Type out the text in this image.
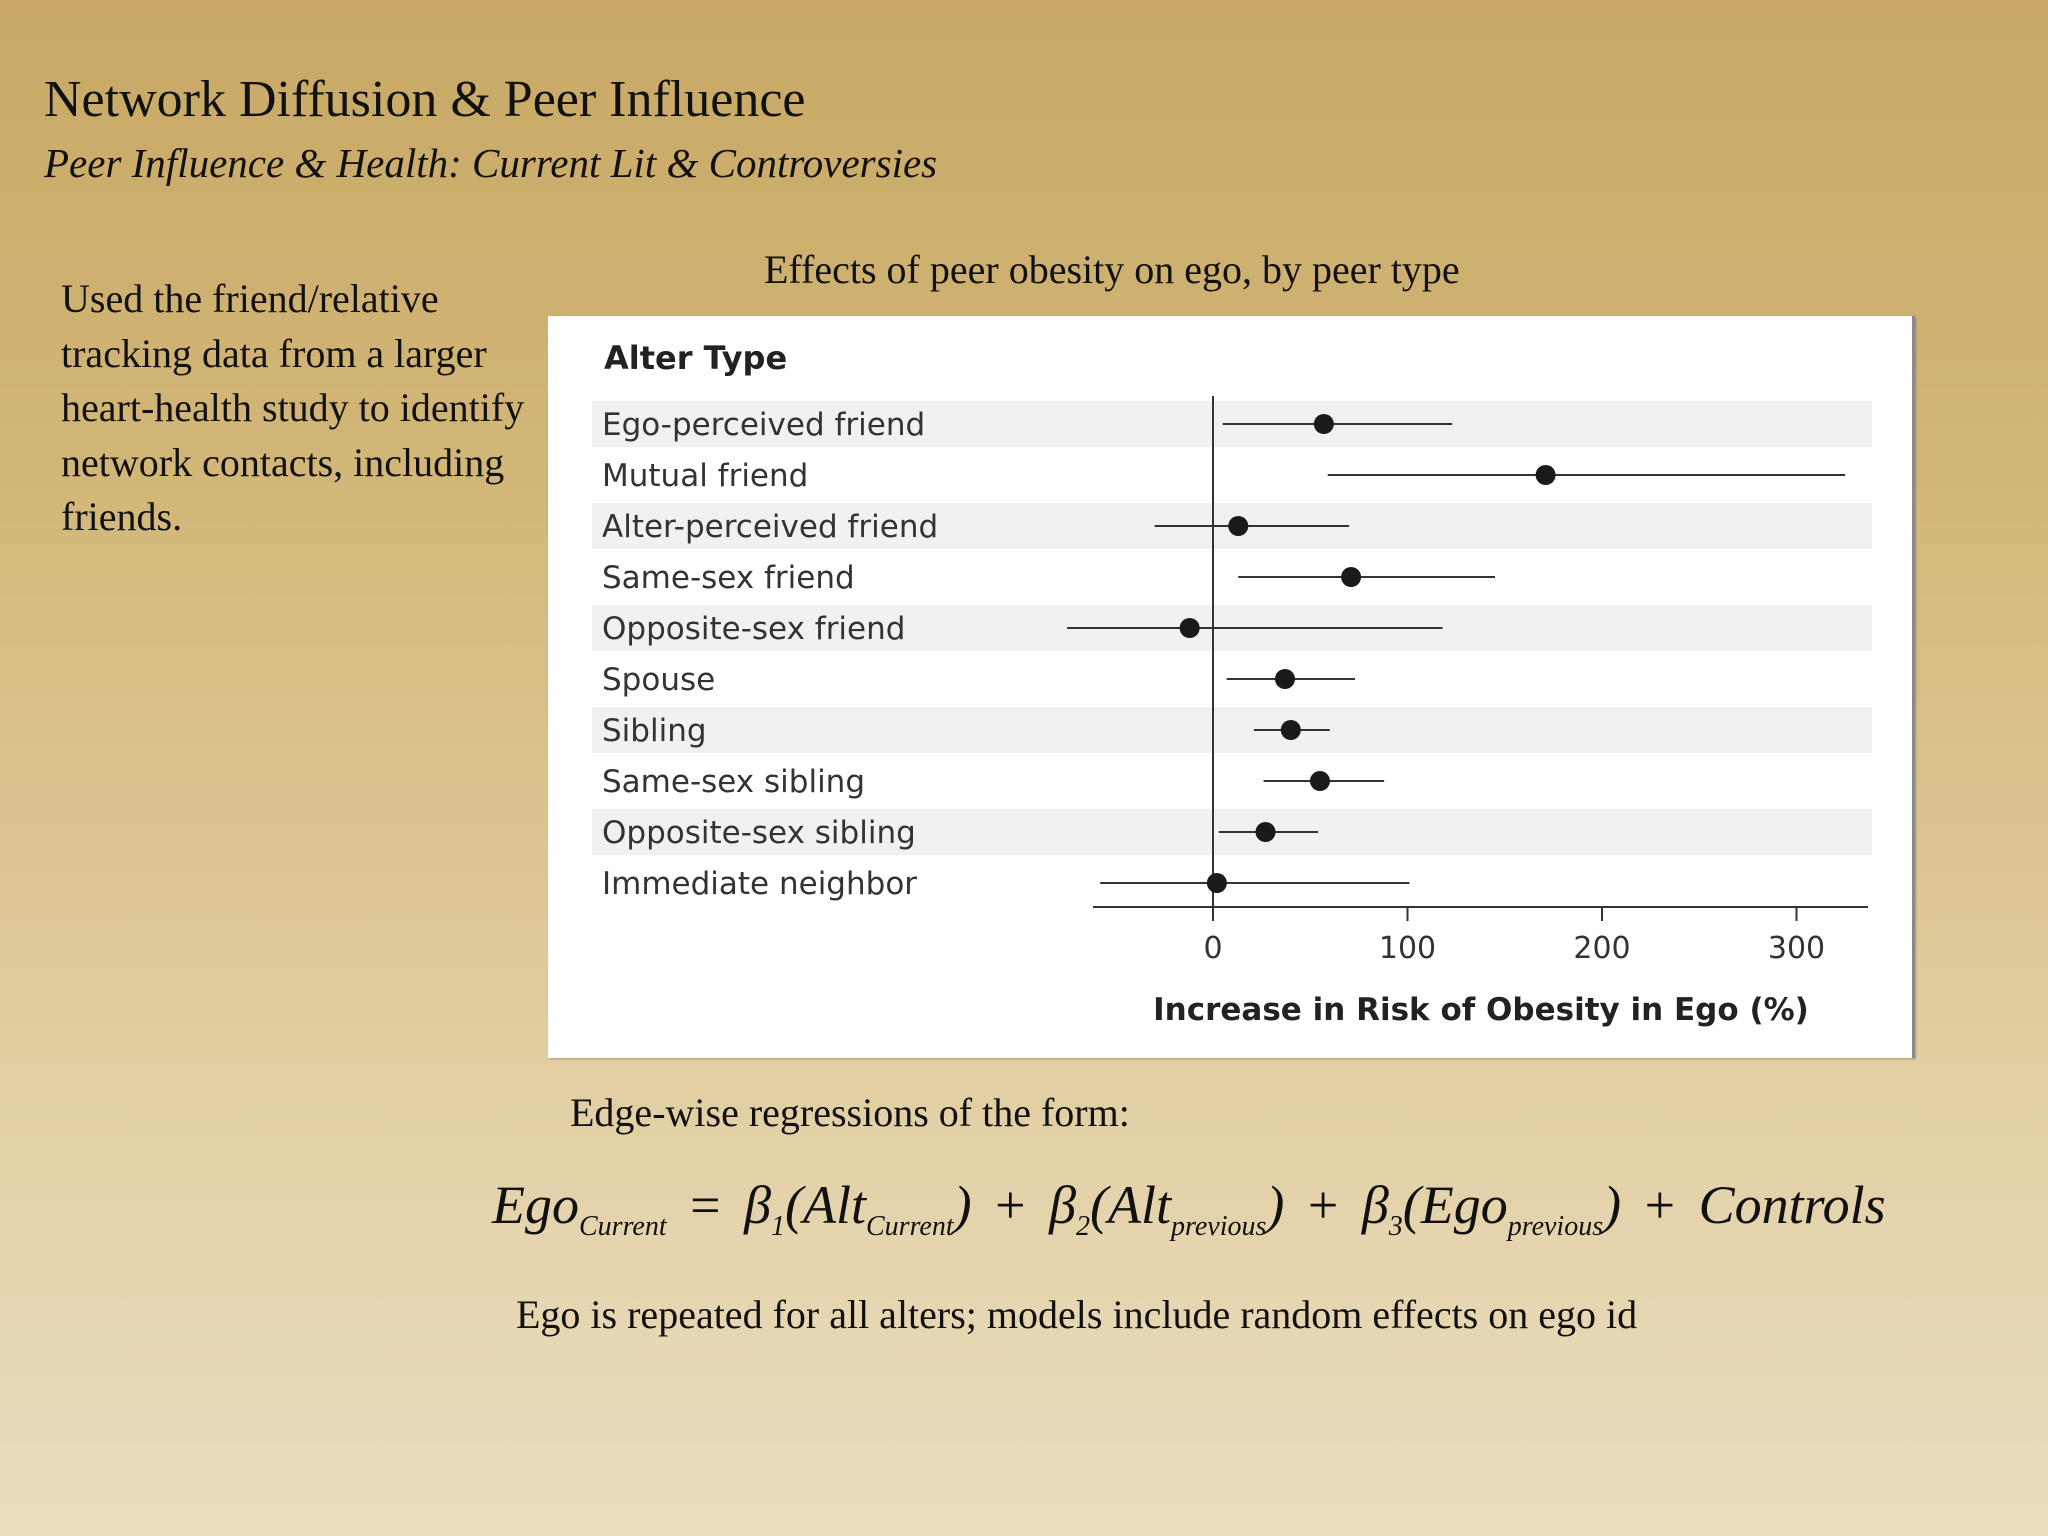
Network Diffusion & Peer Influence
Peer Influence & Health: Current Lit & Controversies
Used the friend/relative tracking data from a larger heart-health study to identify network contacts, including friends.
Effects of peer obesity on ego, by peer type
Alter Type
Ego-perceived friend
Mutual friend
Alter-perceived friend
Same-sex friend
Opposite-sex friend
Spouse
Sibling
Same-sex sibling
Opposite-sex sibling
Immediate neighbor
0	100	200	300
Increase in Risk of Obesity in Ego (%)
Edge-wise regressions of the form:
$Ego_{Current} = \beta_1(Alt_{Current}) + \beta_2(Alt_{previous}) + \beta_3(Ego_{previous})$ + Controls
Ego is repeated for all alters; models include random effects on ego id
